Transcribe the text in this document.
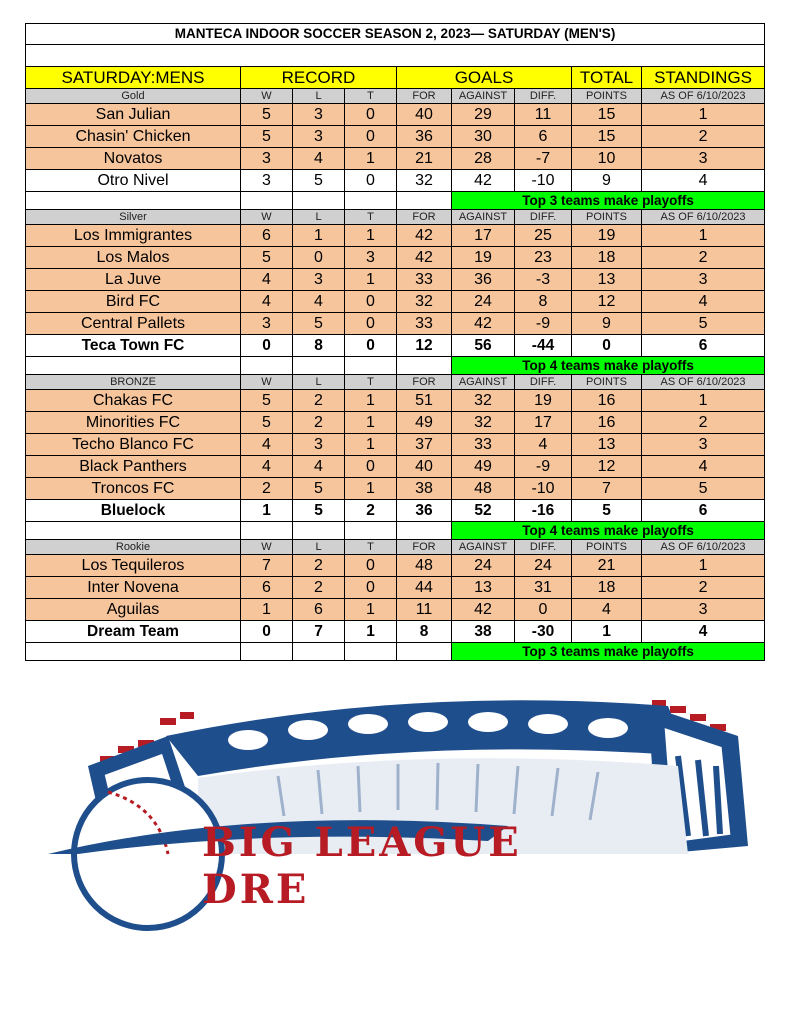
MANTECA INDOOR SOCCER SEASON 2, 2023— SATURDAY (MEN'S)								

SATURDAY:MENS	RECORD			GOALS			TOTAL	STANDINGS
Gold	W	L	T	FOR	AGAINST	DIFF.	POINTS	AS OF 6/10/2023
San Julian	5	3	0	40	29	11	15	1
Chasin' Chicken	5	3	0	36	30	6	15	2
Novatos	3	4	1	21	28	-7	10	3
Otro Nivel	3	5	0	32	42	-10	9	4
					Top 3 teams make playoffs			
Silver	W	L	T	FOR	AGAINST	DIFF.	POINTS	AS OF 6/10/2023
Los Immigrantes	6	1	1	42	17	25	19	1
Los Malos	5	0	3	42	19	23	18	2
La Juve	4	3	1	33	36	-3	13	3
Bird FC	4	4	0	32	24	8	12	4
Central Pallets	3	5	0	33	42	-9	9	5
Teca Town FC	0	8	0	12	56	-44	0	6
					Top 4 teams make playoffs			
BRONZE	W	L	T	FOR	AGAINST	DIFF.	POINTS	AS OF 6/10/2023
Chakas FC	5	2	1	51	32	19	16	1
Minorities FC	5	2	1	49	32	17	16	2
Techo Blanco FC	4	3	1	37	33	4	13	3
Black Panthers	4	4	0	40	49	-9	12	4
Troncos FC	2	5	1	38	48	-10	7	5
Bluelock	1	5	2	36	52	-16	5	6
					Top 4 teams make playoffs			
Rookie	W	L	T	FOR	AGAINST	DIFF.	POINTS	AS OF 6/10/2023
Los Tequileros	7	2	0	48	24	24	21	1
Inter Novena	6	2	0	44	13	31	18	2
Aguilas	1	6	1	11	42	0	4	3
Dream Team	0	7	1	8	38	-30	1	4
					Top 3 teams make playoffs			
BIG LEAGUE DRE
